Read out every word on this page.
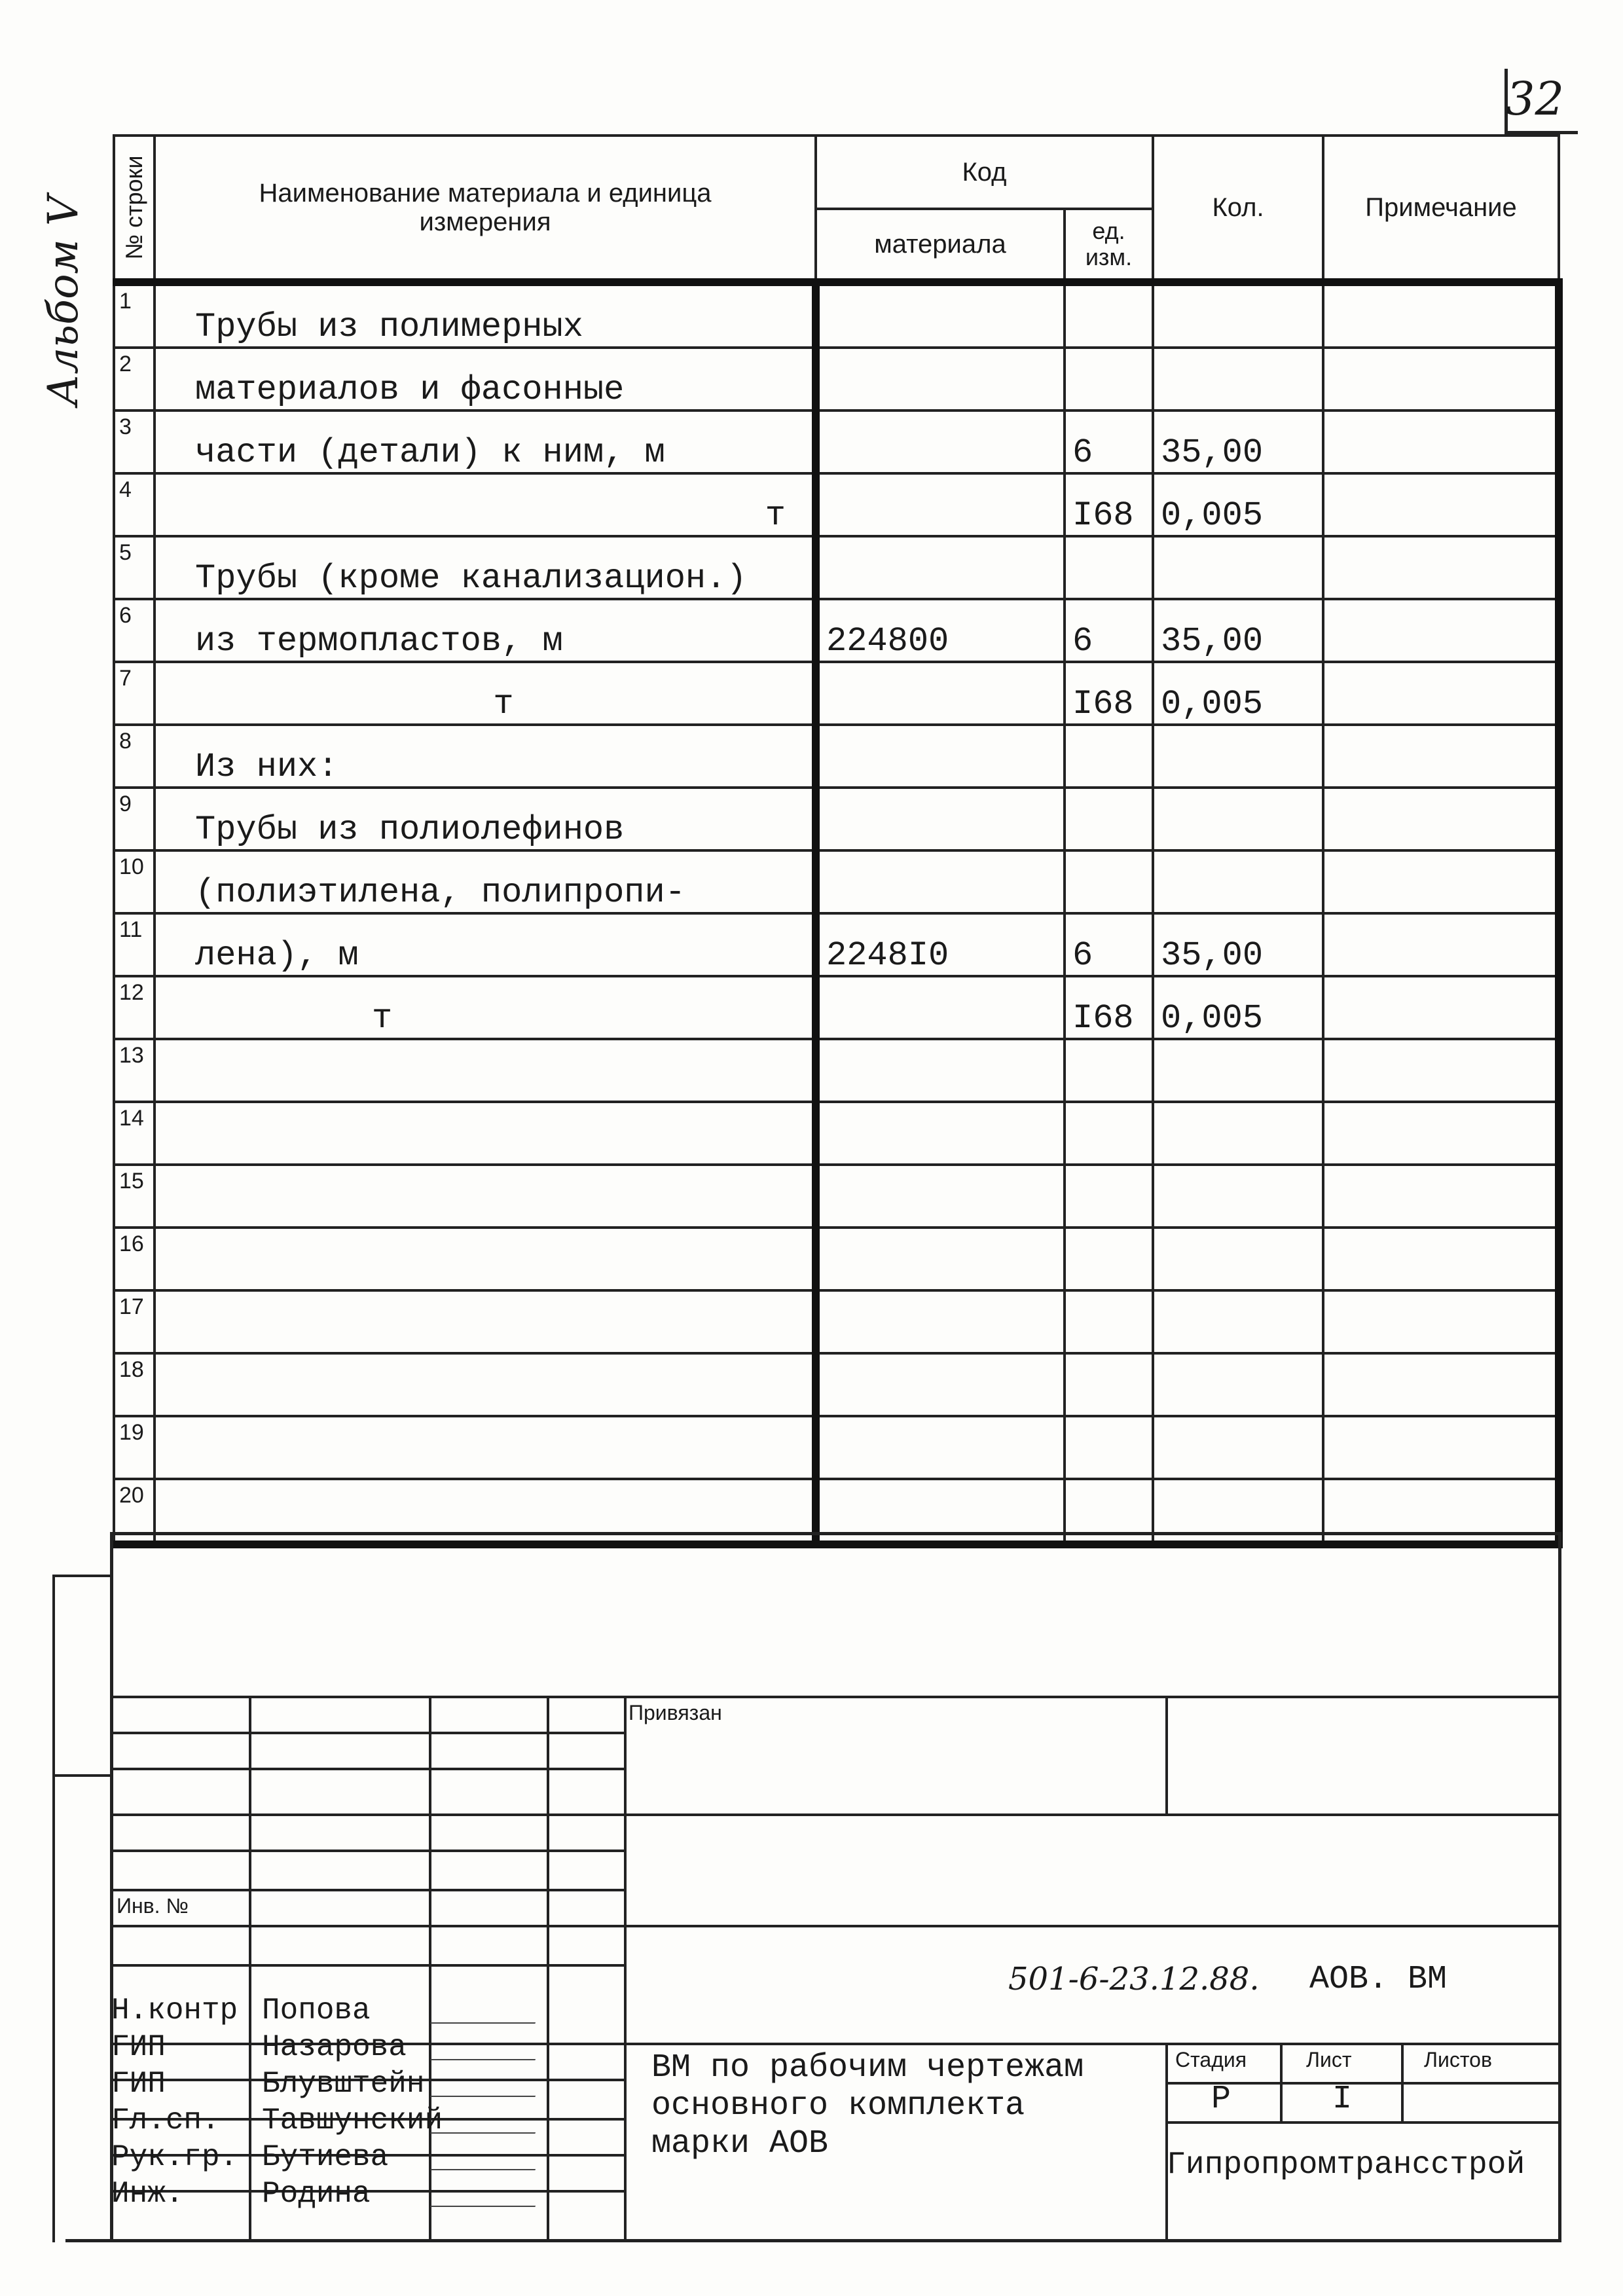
32
Альбом V № строки	Наименование материала и единица измерения	Код		Кол.	Примечание
		материала	ед. изм.		
1	Трубы из полимерных				
2	материалов и фасонные				
3	части (детали) к ним, м		6	35,00	
4	т		I68	0,005	
5	Трубы (кроме канализацион.)				
6	из термопластов, м	224800	6	35,00	
7	т		I68	0,005	
8	Из них:				
9	Трубы из полиолефинов				
10	(полиэтилена, полипропи-				
11	лена), м	2248I0	6	35,00	
12	т		I68	0,005	
13					
14					
15					
16					
17					
18					
19					
20					
Привязан
Инв. №
501-6-23.12.88. АОВ. ВМ
ВМ по рабочим чертежам
основного комплекта
марки АОВ
Стадия	Лист	Листов
Р	I
Гипропромтрансстрой
Н.контр Попова
ГИП	Назарова
ГИП	Блувштейн
Гл.сп. Тавшунский
Рук.гр. Бутиева
Инж.	Родина
